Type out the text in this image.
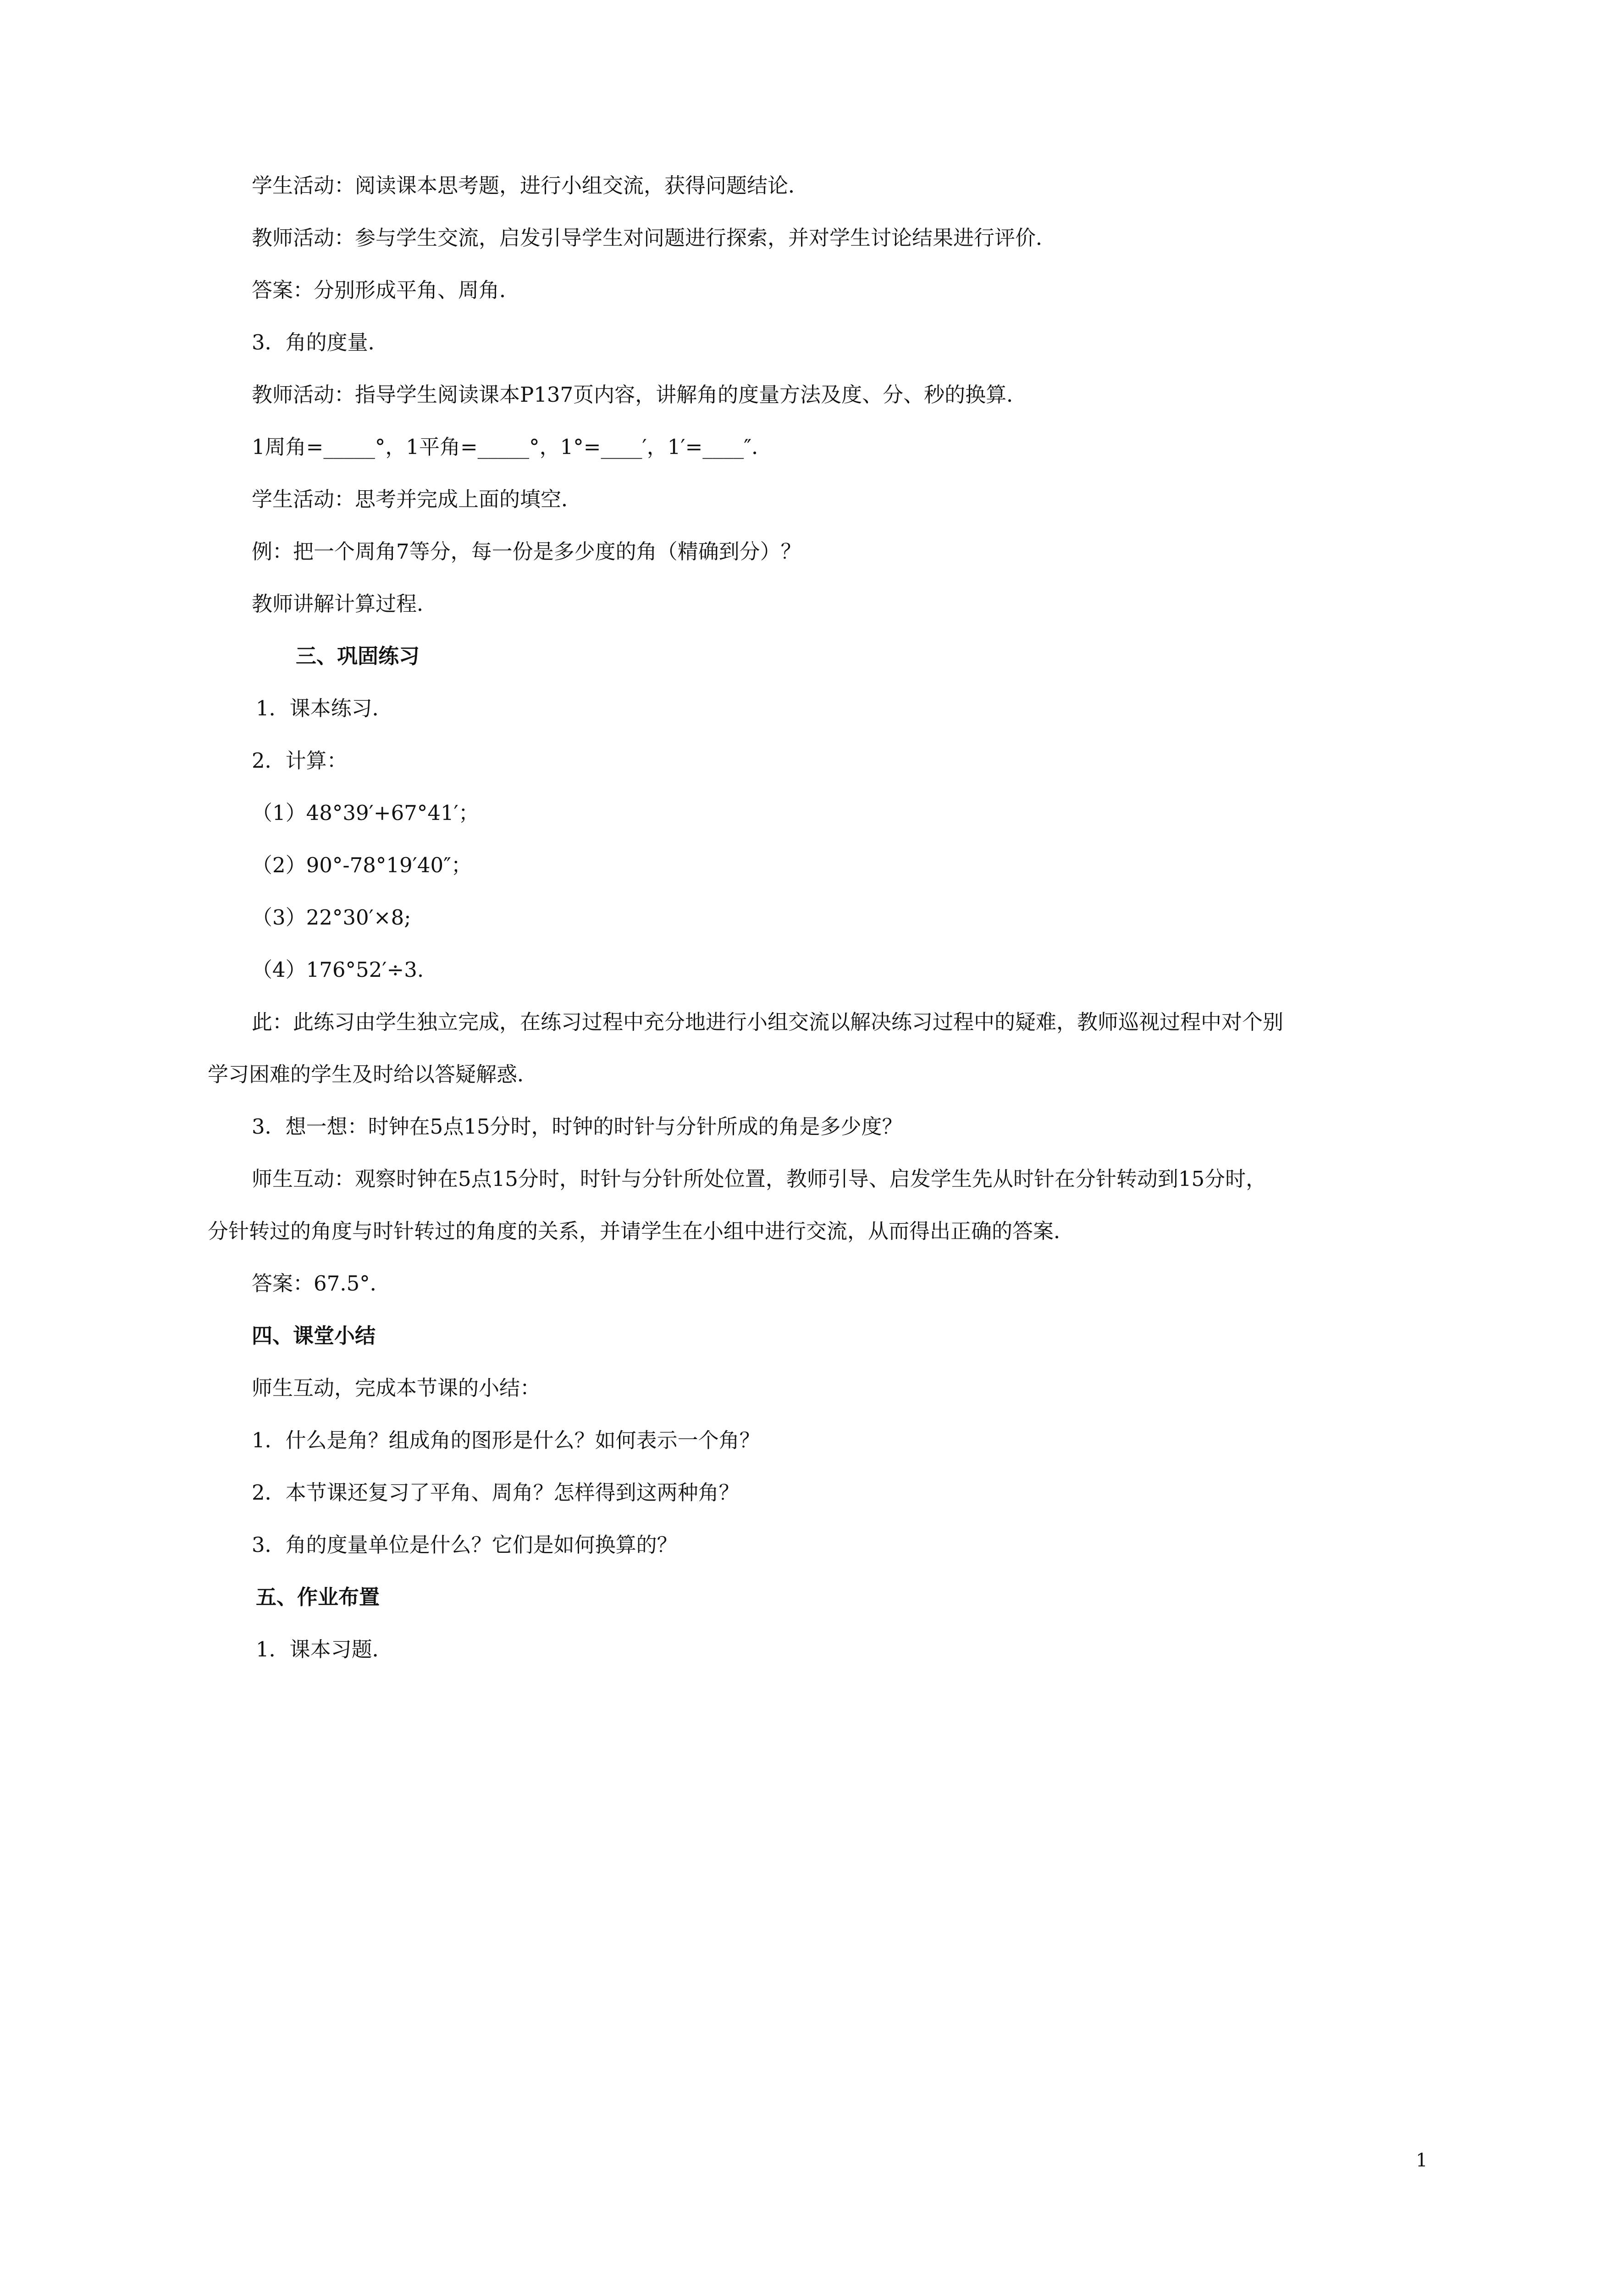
学生活动：阅读课本思考题，进行小组交流，获得问题结论．
教师活动：参与学生交流，启发引导学生对问题进行探索，并对学生讨论结果进行评价．
答案：分别形成平角、周角．
3．角的度量．
教师活动：指导学生阅读课本P137页内容，讲解角的度量方法及度、分、秒的换算．
1周角=_____°，1平角=_____°，1°=____′，1′=____″．
学生活动：思考并完成上面的填空．
例：把一个周角7等分，每一份是多少度的角（精确到分）？
教师讲解计算过程．
三、巩固练习
1．课本练习．
2．计算：
（1）48°39′+67°41′；
（2）90°-78°19′40″；
（3）22°30′×8;
（4）176°52′÷3.
此：此练习由学生独立完成，在练习过程中充分地进行小组交流以解决练习过程中的疑难，教师巡视过程中对个别
学习困难的学生及时给以答疑解惑．
3．想一想：时钟在5点15分时，时钟的时针与分针所成的角是多少度？
师生互动：观察时钟在5点15分时，时针与分针所处位置，教师引导、启发学生先从时针在分针转动到15分时，
分针转过的角度与时针转过的角度的关系，并请学生在小组中进行交流，从而得出正确的答案．
答案：67.5°．
四、课堂小结
师生互动，完成本节课的小结：
1．什么是角？组成角的图形是什么？如何表示一个角？
2．本节课还复习了平角、周角？怎样得到这两种角？
3．角的度量单位是什么？它们是如何换算的？
五、作业布置
1．课本习题．
1
